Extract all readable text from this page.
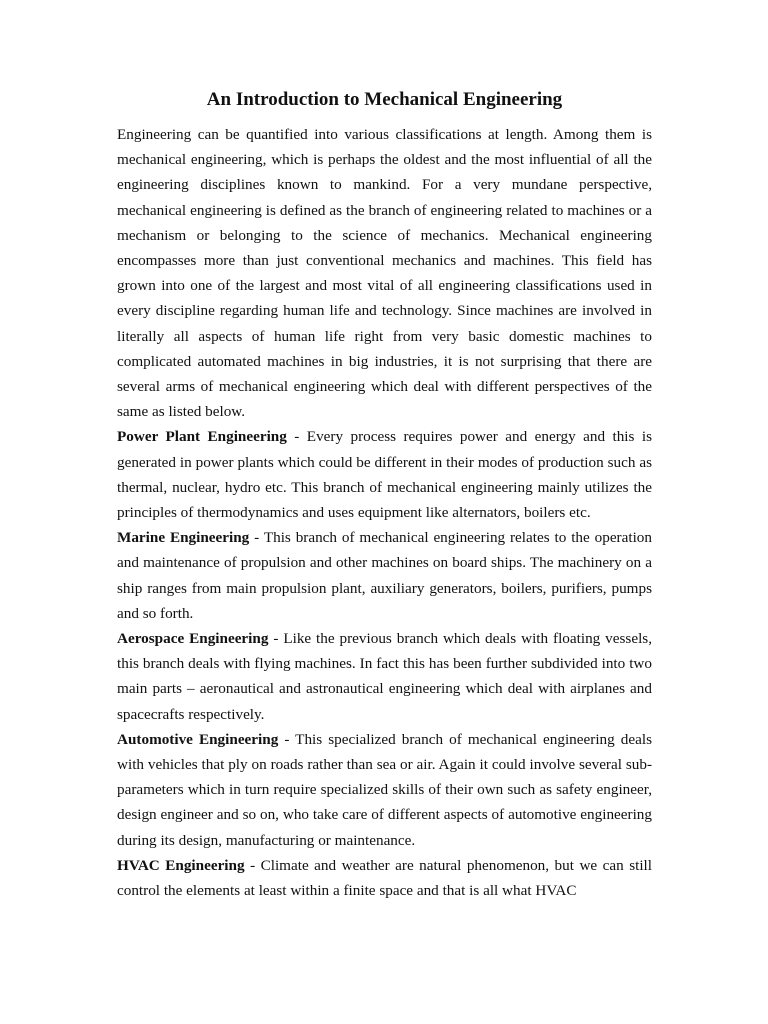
An Introduction to Mechanical Engineering

Engineering can be quantified into various classifications at length. Among them is mechanical engineering, which is perhaps the oldest and the most influential of all the engineering disciplines known to mankind. For a very mundane perspective, mechanical engineering is defined as the branch of engineering related to machines or a mechanism or belonging to the science of mechanics. Mechanical engineering encompasses more than just conventional mechanics and machines. This field has grown into one of the largest and most vital of all engineering classifications used in every discipline regarding human life and technology. Since machines are involved in literally all aspects of human life right from very basic domestic machines to complicated automated machines in big industries, it is not surprising that there are several arms of mechanical engineering which deal with different perspectives of the same as listed below.

Power Plant Engineering - Every process requires power and energy and this is generated in power plants which could be different in their modes of production such as thermal, nuclear, hydro etc. This branch of mechanical engineering mainly utilizes the principles of thermodynamics and uses equipment like alternators, boilers etc.

Marine Engineering - This branch of mechanical engineering relates to the operation and maintenance of propulsion and other machines on board ships. The machinery on a ship ranges from main propulsion plant, auxiliary generators, boilers, purifiers, pumps and so forth.

Aerospace Engineering - Like the previous branch which deals with floating vessels, this branch deals with flying machines. In fact this has been further subdivided into two main parts – aeronautical and astronautical engineering which deal with airplanes and spacecrafts respectively.

Automotive Engineering - This specialized branch of mechanical engineering deals with vehicles that ply on roads rather than sea or air. Again it could involve several sub-parameters which in turn require specialized skills of their own such as safety engineer, design engineer and so on, who take care of different aspects of automotive engineering during its design, manufacturing or maintenance.

HVAC Engineering - Climate and weather are natural phenomenon, but we can still control the elements at least within a finite space and that is all what HVAC
